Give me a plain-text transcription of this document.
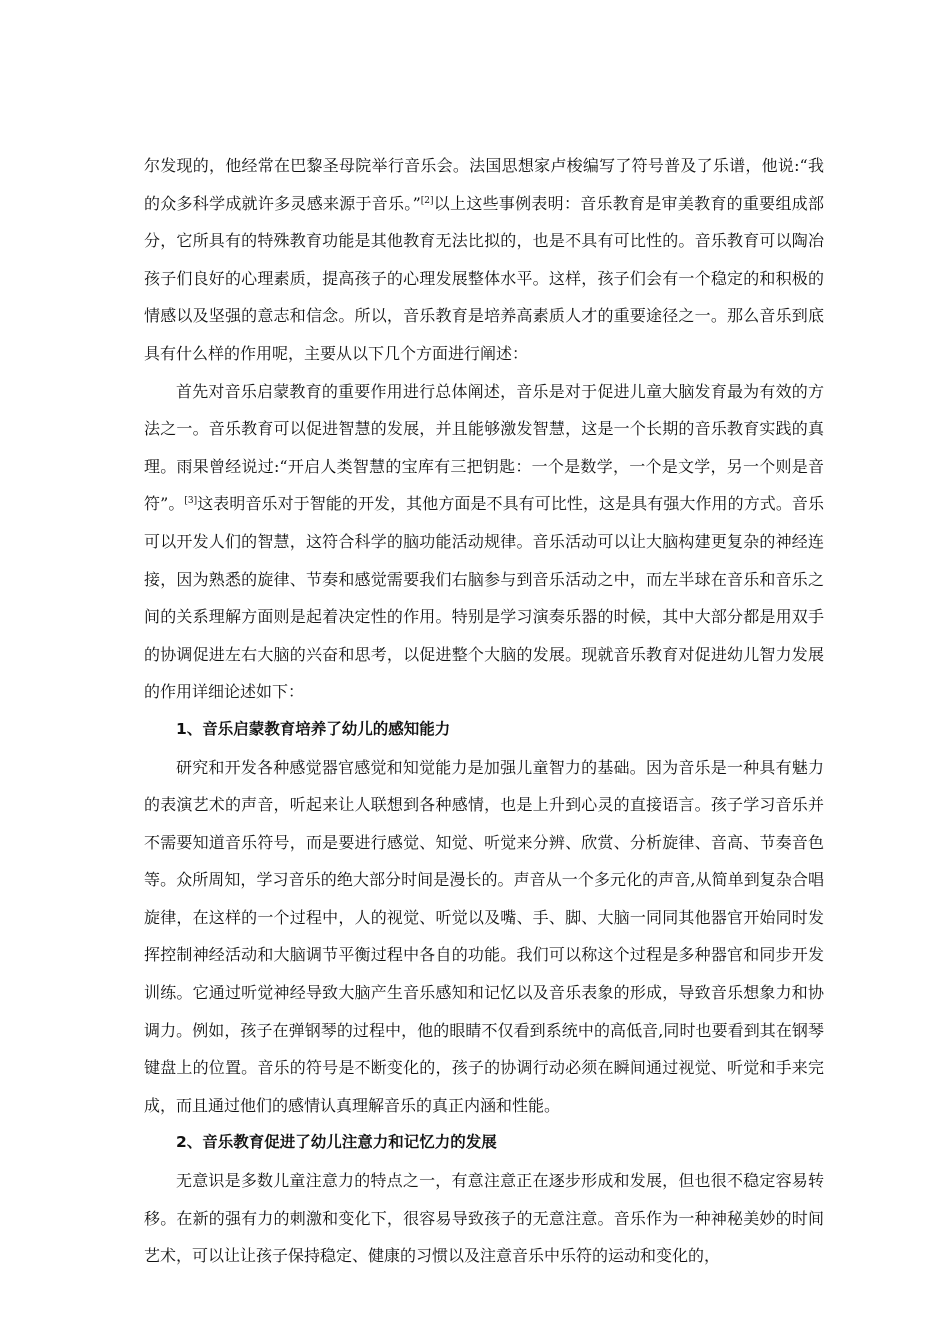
尔发现的，他经常在巴黎圣母院举行音乐会。法国思想家卢梭编写了符号普及了乐谱，他说:“我的众多科学成就许多灵感来源于音乐。”[2]以上这些事例表明：音乐教育是审美教育的重要组成部分，它所具有的特殊教育功能是其他教育无法比拟的，也是不具有可比性的。音乐教育可以陶冶孩子们良好的心理素质，提高孩子的心理发展整体水平。这样，孩子们会有一个稳定的和积极的情感以及坚强的意志和信念。所以，音乐教育是培养高素质人才的重要途径之一。那么音乐到底具有什么样的作用呢，主要从以下几个方面进行阐述：

首先对音乐启蒙教育的重要作用进行总体阐述，音乐是对于促进儿童大脑发育最为有效的方法之一。音乐教育可以促进智慧的发展，并且能够激发智慧，这是一个长期的音乐教育实践的真理。雨果曾经说过:“开启人类智慧的宝库有三把钥匙：一个是数学，一个是文学，另一个则是音符”。[3]这表明音乐对于智能的开发，其他方面是不具有可比性，这是具有强大作用的方式。音乐可以开发人们的智慧，这符合科学的脑功能活动规律。音乐活动可以让大脑构建更复杂的神经连接，因为熟悉的旋律、节奏和感觉需要我们右脑参与到音乐活动之中，而左半球在音乐和音乐之间的关系理解方面则是起着决定性的作用。特别是学习演奏乐器的时候，其中大部分都是用双手的协调促进左右大脑的兴奋和思考，以促进整个大脑的发展。现就音乐教育对促进幼儿智力发展的作用详细论述如下：

1、音乐启蒙教育培养了幼儿的感知能力

研究和开发各种感觉器官感觉和知觉能力是加强儿童智力的基础。因为音乐是一种具有魅力的表演艺术的声音，听起来让人联想到各种感情，也是上升到心灵的直接语言。孩子学习音乐并不需要知道音乐符号，而是要进行感觉、知觉、听觉来分辨、欣赏、分析旋律、音高、节奏音色等。众所周知，学习音乐的绝大部分时间是漫长的。声音从一个多元化的声音,从简单到复杂合唱旋律，在这样的一个过程中，人的视觉、听觉以及嘴、手、脚、大脑一同同其他器官开始同时发挥控制神经活动和大脑调节平衡过程中各自的功能。我们可以称这个过程是多种器官和同步开发训练。它通过听觉神经导致大脑产生音乐感知和记忆以及音乐表象的形成，导致音乐想象力和协调力。例如，孩子在弹钢琴的过程中，他的眼睛不仅看到系统中的高低音,同时也要看到其在钢琴键盘上的位置。音乐的符号是不断变化的，孩子的协调行动必须在瞬间通过视觉、听觉和手来完成，而且通过他们的感情认真理解音乐的真正内涵和性能。

2、音乐教育促进了幼儿注意力和记忆力的发展

无意识是多数儿童注意力的特点之一，有意注意正在逐步形成和发展，但也很不稳定容易转移。在新的强有力的刺激和变化下，很容易导致孩子的无意注意。音乐作为一种神秘美妙的时间艺术，可以让让孩子保持稳定、健康的习惯以及注意音乐中乐符的运动和变化的，
